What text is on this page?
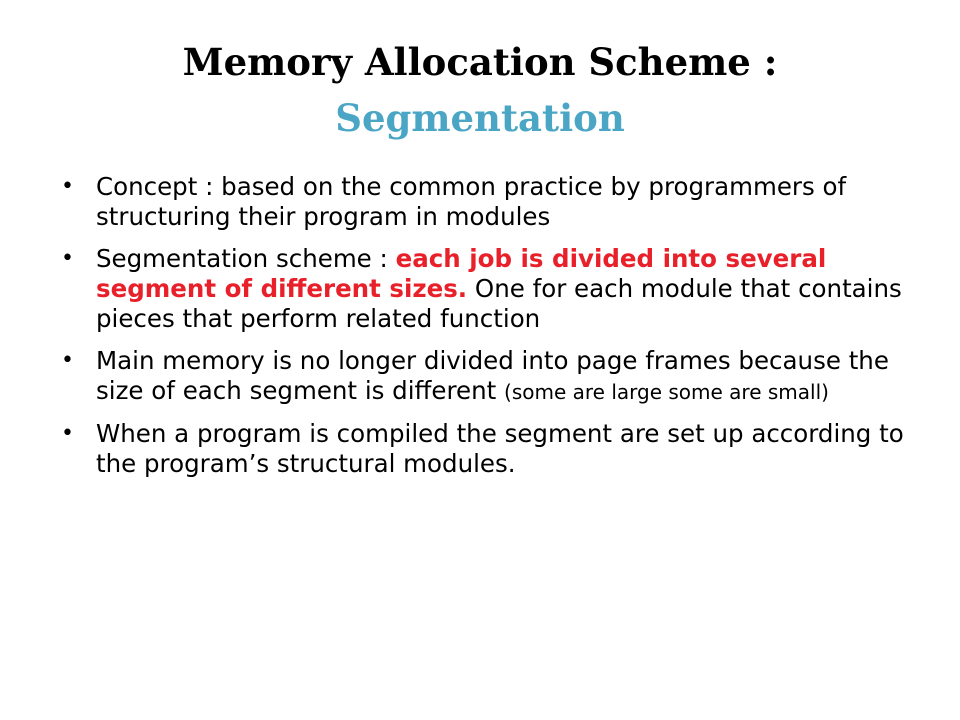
Memory Allocation Scheme :
Segmentation
• Concept : based on the common practice by programmers of structuring their program in modules
• Segmentation scheme : each job is divided into several segment of different sizes. One for each module that contains pieces that perform related function
• Main memory is no longer divided into page frames because the size of each segment is different (some are large some are small)
• When a program is compiled the segment are set up according to the program’s structural modules.
